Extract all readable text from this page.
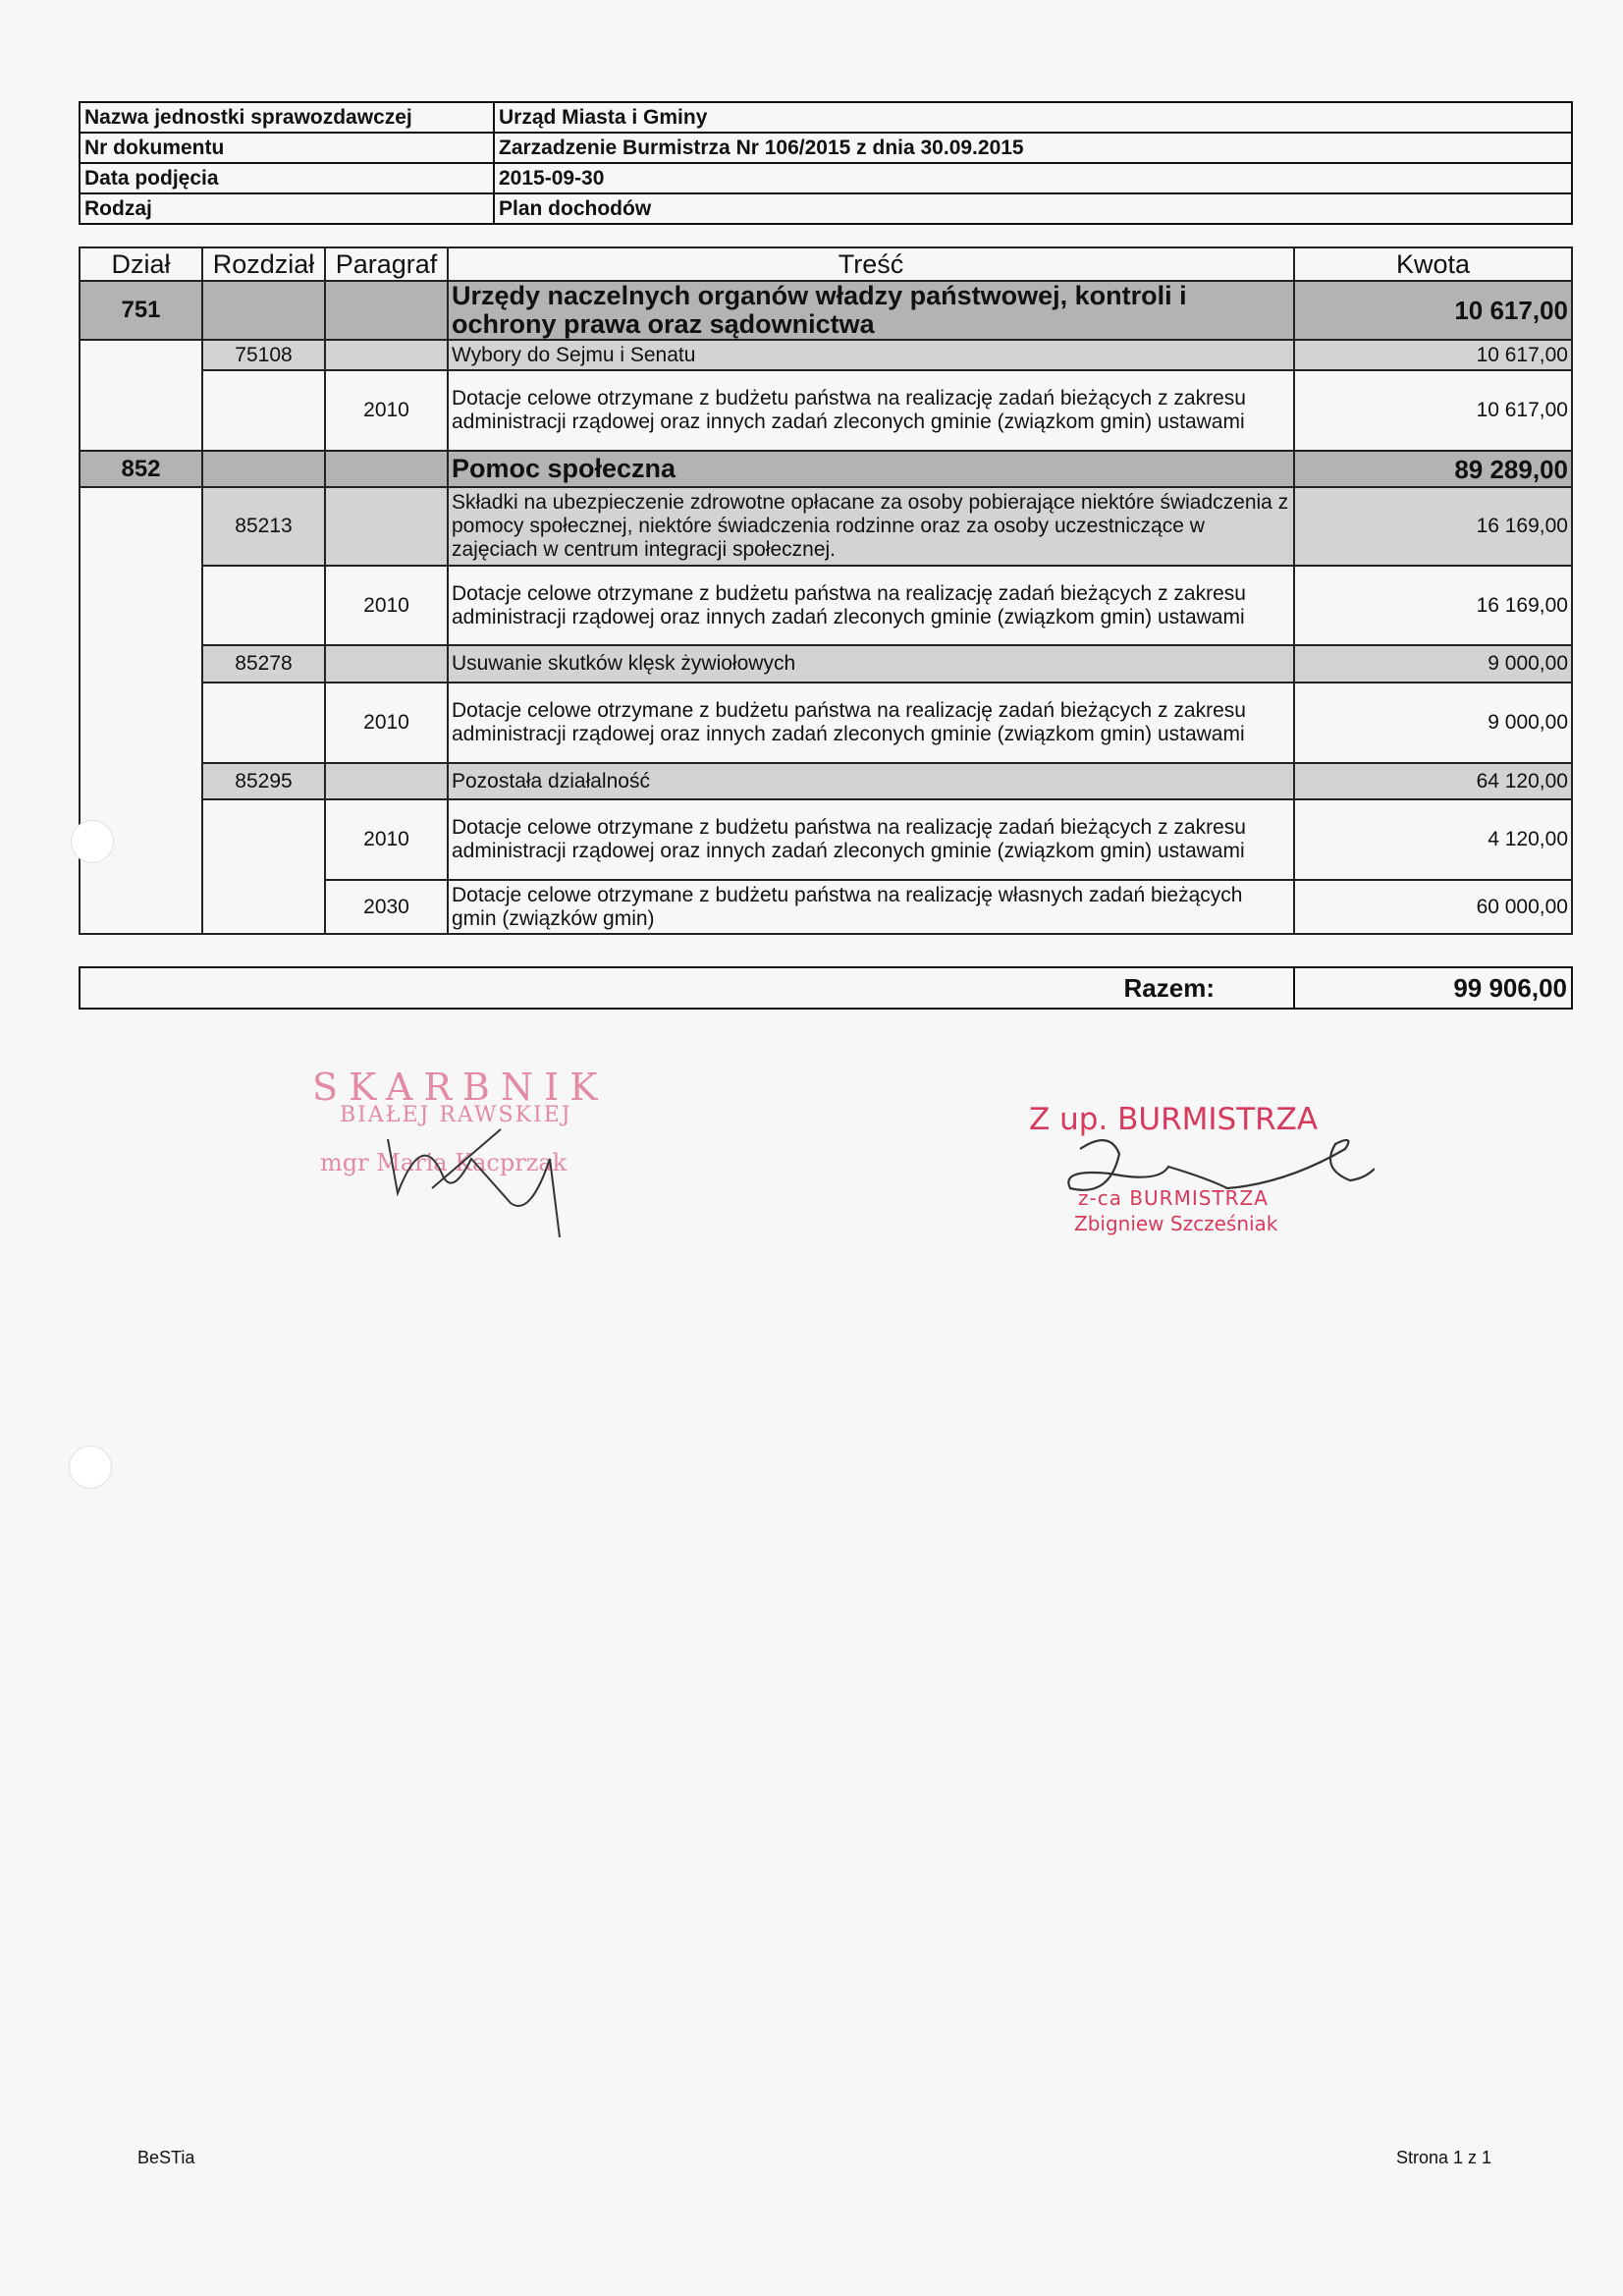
Nazwa jednostki sprawozdawczej	Urząd Miasta i Gminy
Nr dokumentu	Zarzadzenie Burmistrza Nr 106/2015 z dnia 30.09.2015
Data podjęcia	2015-09-30
Rodzaj	Plan dochodów
Dział	Rozdział	Paragraf	Treść	Kwota
751			Urzędy naczelnych organów władzy państwowej, kontroli i ochrony prawa oraz sądownictwa	10 617,00
	75108		Wybory do Sejmu i Senatu	10 617,00
		2010	Dotacje celowe otrzymane z budżetu państwa na realizację zadań bieżących z zakresu administracji rządowej oraz innych zadań zleconych gminie (związkom gmin) ustawami	10 617,00
852			Pomoc społeczna	89 289,00
	85213		Składki na ubezpieczenie zdrowotne opłacane za osoby pobierające niektóre świadczenia z pomocy społecznej, niektóre świadczenia rodzinne oraz za osoby uczestniczące w zajęciach w centrum integracji społecznej.	16 169,00
		2010	Dotacje celowe otrzymane z budżetu państwa na realizację zadań bieżących z zakresu administracji rządowej oraz innych zadań zleconych gminie (związkom gmin) ustawami	16 169,00
	85278		Usuwanie skutków klęsk żywiołowych	9 000,00
		2010	Dotacje celowe otrzymane z budżetu państwa na realizację zadań bieżących z zakresu administracji rządowej oraz innych zadań zleconych gminie (związkom gmin) ustawami	9 000,00
	85295		Pozostała działalność	64 120,00
		2010	Dotacje celowe otrzymane z budżetu państwa na realizację zadań bieżących z zakresu administracji rządowej oraz innych zadań zleconych gminie (związkom gmin) ustawami	4 120,00
		2030	Dotacje celowe otrzymane z budżetu państwa na realizację własnych zadań bieżących gmin (związków gmin)	60 000,00
Razem:	99 906,00
SKARBNIK
BIAŁEJ RAWSKIEJ
mgr Maria Kacprzak
Z up. BURMISTRZA
z-ca BURMISTRZA
Zbigniew Szcześniak
BeSTia	Strona 1 z 1
